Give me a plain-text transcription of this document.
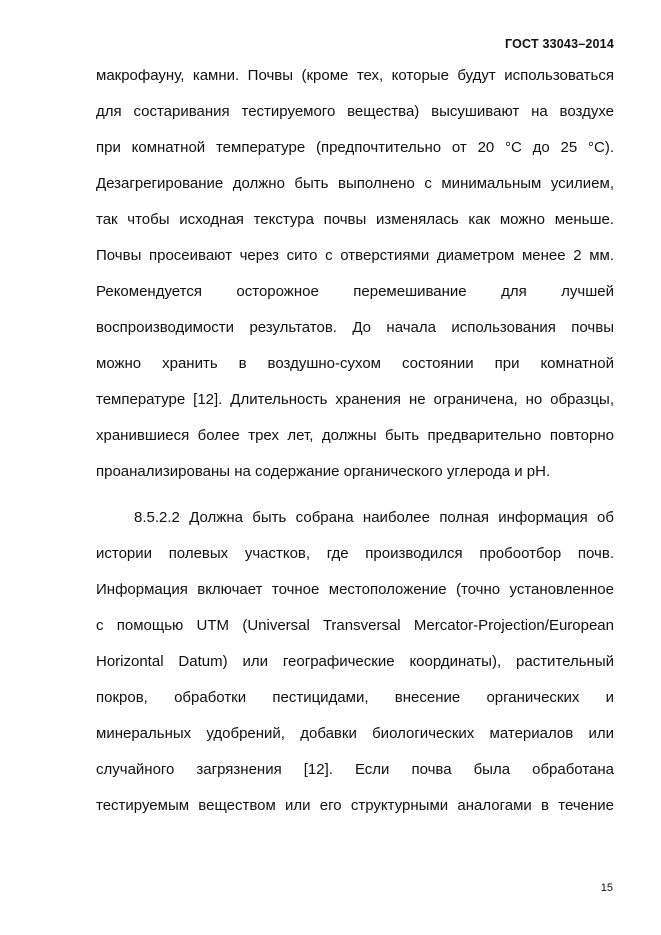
ГОСТ 33043–2014
макрофауну, камни. Почвы (кроме тех, которые будут использоваться
для состаривания тестируемого вещества) высушивают на воздухе
при комнатной температуре (предпочтительно от 20 °С до 25 °С).
Дезагрегирование должно быть выполнено с минимальным усилием,
так чтобы исходная текстура почвы изменялась как можно меньше.
Почвы просеивают через сито с отверстиями диаметром менее 2 мм.
Рекомендуется осторожное перемешивание для лучшей
воспроизводимости результатов. До начала использования почвы
можно хранить в воздушно-сухом состоянии при комнатной
температуре [12]. Длительность хранения не ограничена, но образцы,
хранившиеся более трех лет, должны быть предварительно повторно
проанализированы на содержание органического углерода и рН.
8.5.2.2 Должна быть собрана наиболее полная информация об
истории полевых участков, где производился пробоотбор почв.
Информация включает точное местоположение (точно установленное
с помощью UTM (Universal Transversal Mercator-Projection/European
Horizontal Datum) или географические координаты), растительный
покров, обработки пестицидами, внесение органических и
минеральных удобрений, добавки биологических материалов или
случайного загрязнения [12]. Если почва была обработана
тестируемым веществом или его структурными аналогами в течение
15
